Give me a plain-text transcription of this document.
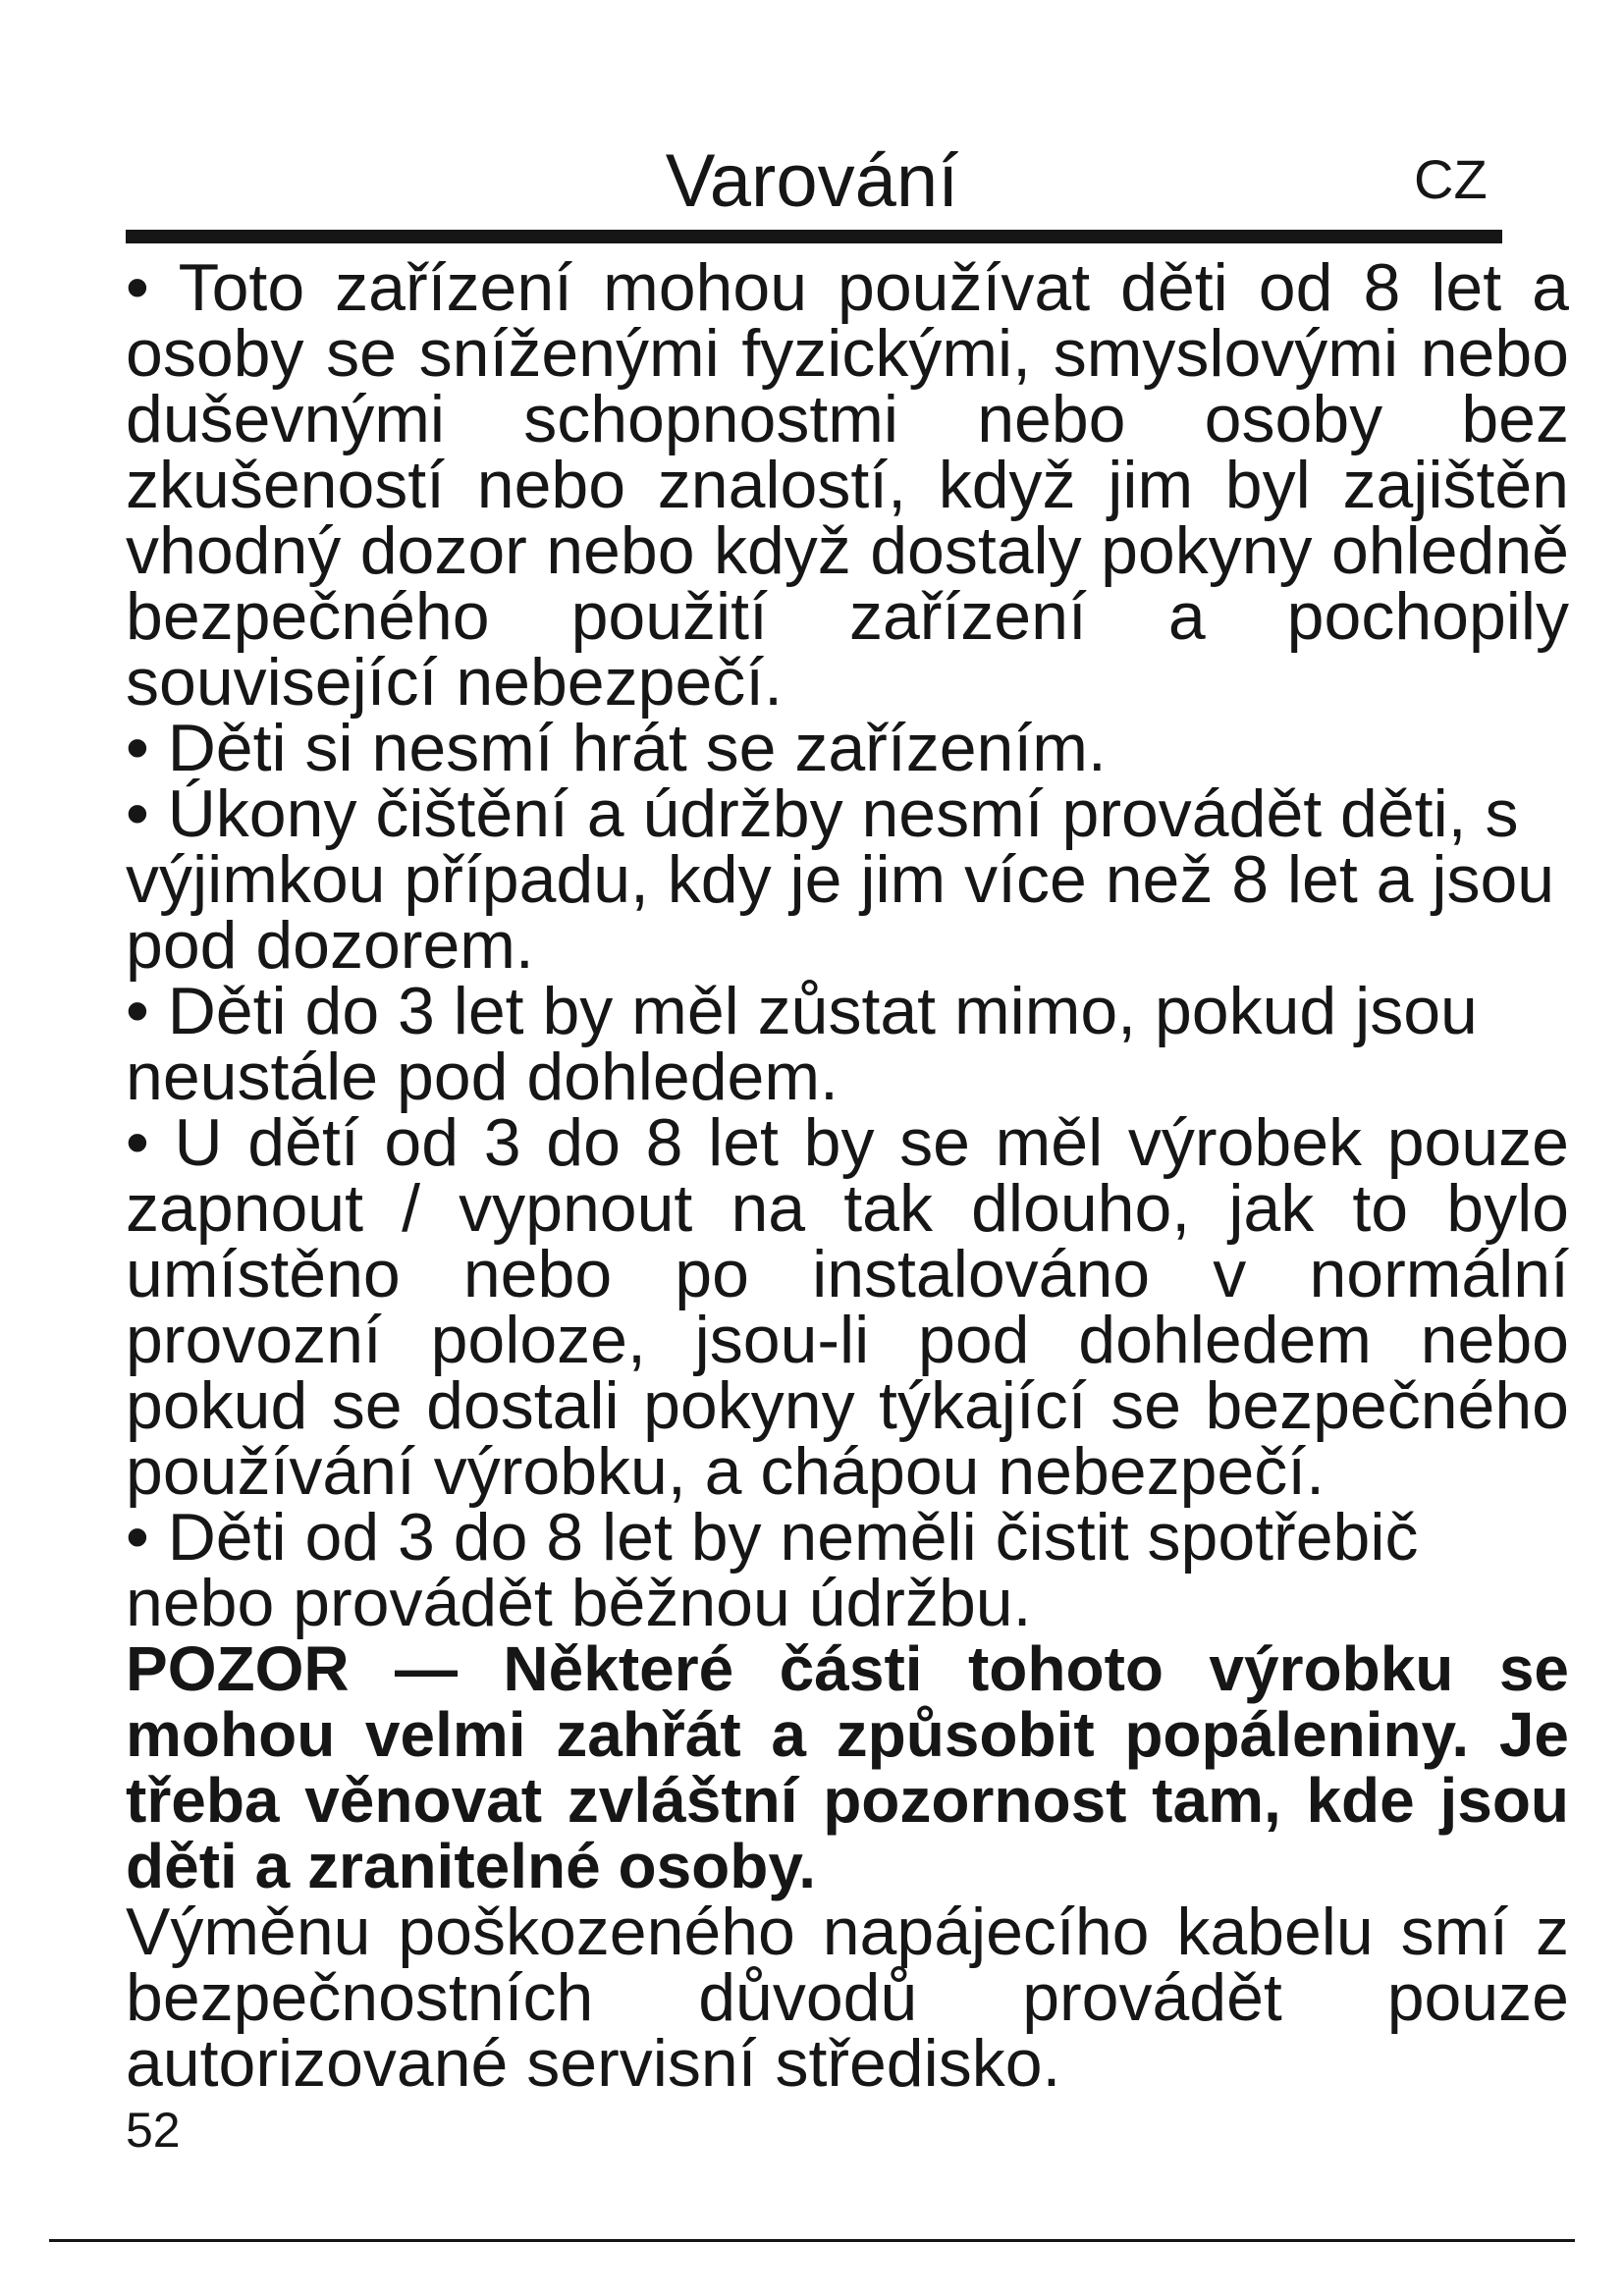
Varování	CZ

• Toto zařízení mohou používat děti od 8 let a osoby se sníženými fyzickými, smyslovými nebo duševnými schopnostmi nebo osoby bez zkušeností nebo znalostí, když jim byl zajištěn vhodný dozor nebo když dostaly pokyny ohledně bezpečného použití zařízení a pochopily související nebezpečí.

• Děti si nesmí hrát se zařízením.

• Úkony čištění a údržby nesmí provádět děti, s výjimkou případu, kdy je jim více než 8 let a jsou pod dozorem.

• Děti do 3 let by měl zůstat mimo, pokud jsou neustále pod dohledem.

• U dětí od 3 do 8 let by se měl výrobek pouze zapnout / vypnout na tak dlouho, jak to bylo umístěno nebo po instalováno v normální provozní poloze, jsou-li pod dohledem nebo pokud se dostali pokyny týkající se bezpečného používání výrobku, a chápou nebezpečí.

• Děti od 3 do 8 let by neměli čistit spotřebič nebo provádět běžnou údržbu.

POZOR — Některé části tohoto výrobku se mohou velmi zahřát a způsobit popáleniny. Je třeba věnovat zvláštní pozornost tam, kde jsou děti a zranitelné osoby.

Výměnu poškozeného napájecího kabelu smí z bezpečnostních důvodů provádět pouze autorizované servisní středisko.

52
